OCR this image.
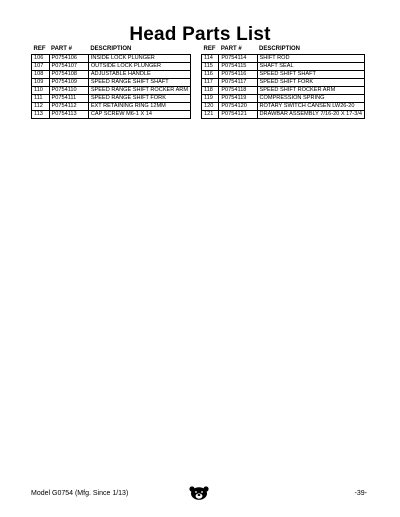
Head Parts List
REF	PART #	DESCRIPTION
106	P0754106	INSIDE LOCK PLUNGER
107	P0754107	OUTSIDE LOCK PLUNGER
108	P0754108	ADJUSTABLE HANDLE
109	P0754109	SPEED RANGE SHIFT SHAFT
110	P0754110	SPEED RANGE SHIFT ROCKER ARM
111	P0754111	SPEED RANGE SHIFT FORK
112	P0754112	EXT RETAINING RING 12MM
113	P0754113	CAP SCREW M6-1 X 14
REF	PART #	DESCRIPTION
114	P0754114	SHIFT ROD
115	P0754115	SHAFT SEAL
116	P0754116	SPEED SHIFT SHAFT
117	P0754117	SPEED SHIFT FORK
118	P0754118	SPEED SHIFT ROCKER ARM
119	P0754119	COMPRESSION SPRING
120	P0754120	ROTARY SWITCH CANSEN LW26-20
121	P0754121	DRAWBAR ASSEMBLY 7/16-20 X 17-3/4
Model G0754 (Mfg. Since 1/13)	-39-
